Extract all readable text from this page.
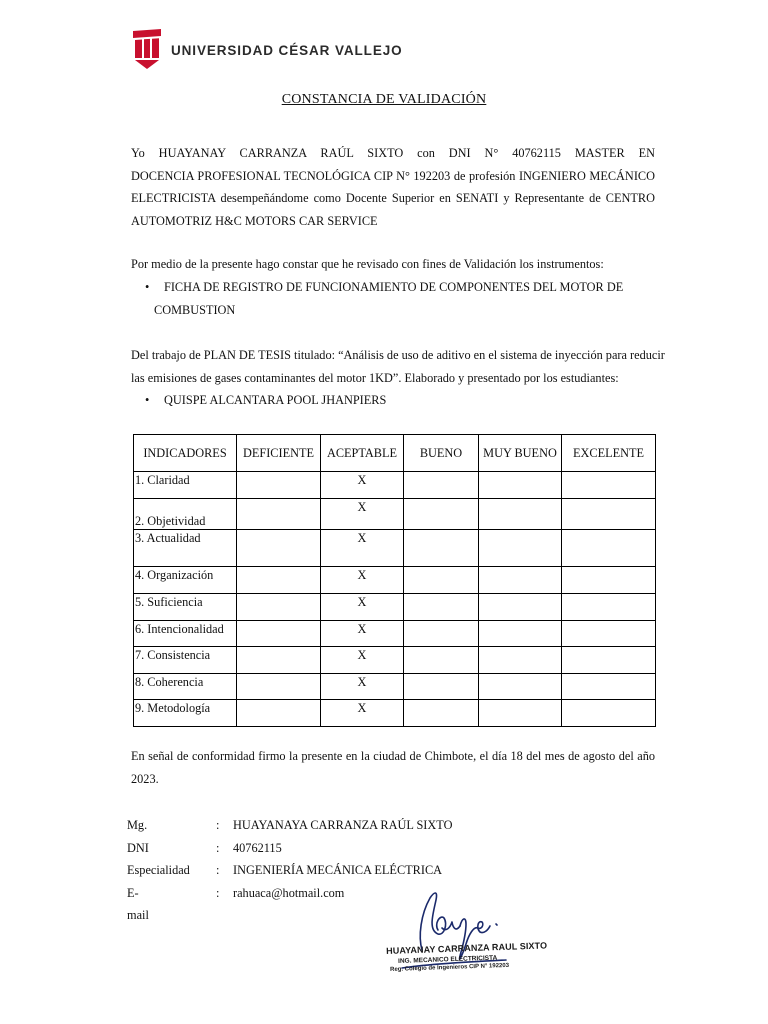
UNIVERSIDAD CÉSAR VALLEJO
CONSTANCIA DE VALIDACIÓN
Yo HUAYANAY CARRANZA RAÚL SIXTO con DNI N° 40762115 MASTER EN
DOCENCIA PROFESIONAL TECNOLÓGICA CIP N° 192203 de profesión INGENIERO MECÁNICO
ELECTRICISTA desempeñándome como Docente Superior en SENATI y Representante de CENTRO
AUTOMOTRIZ H&C MOTORS CAR SERVICE
Por medio de la presente hago constar que he revisado con fines de Validación los instrumentos:
• FICHA DE REGISTRO DE FUNCIONAMIENTO DE COMPONENTES DEL MOTOR DE
COMBUSTION
Del trabajo de PLAN DE TESIS titulado: “Análisis de uso de aditivo en el sistema de inyección para reducir
las emisiones de gases contaminantes del motor 1KD”. Elaborado y presentado por los estudiantes:
• QUISPE ALCANTARA POOL JHANPIERS
INDICADORES	DEFICIENTE	ACEPTABLE	BUENO	MUY BUENO	EXCELENTE
1. Claridad		X			
2. Objetividad		X			
3. Actualidad		X			
4. Organización		X			
5. Suficiencia		X			
6. Intencionalidad		X			
7. Consistencia		X			
8. Coherencia		X			
9. Metodología		X			
En señal de conformidad firmo la presente en la ciudad de Chimbote, el día 18 del mes de agosto del año
2023.
Mg.	: HUAYANAYA CARRANZA RAÚL SIXTO
DNI	: 40762115
Especialidad : INGENIERÍA MECÁNICA ELÉCTRICA
E-mail
: rahuaca@hotmail.com
HUAYANAY CARRANZA RAUL SIXTO
ING. MECANICO ELECTRICISTA
Reg. Colegio de Ingenieros CIP N° 192203
